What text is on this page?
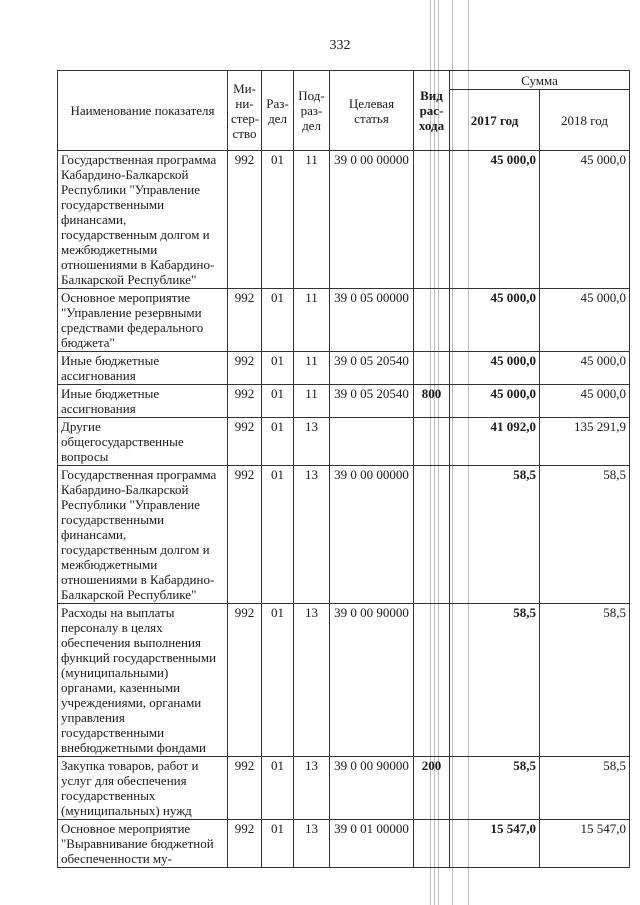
332
Наименование показателя	Ми-ни-стер-ство	Раз-дел	Под-раз-дел	Целевая статья	Вид рас-хода	Сумма	
						2017 год	2018 год
Государственная программа Кабардино-Балкарской Республики "Управление государственными финансами, государственным долгом и межбюджетными отношениями в Кабардино-Балкарской Республике"	992	01	11	39 0 00 00000		45 000,0	45 000,0
Основное мероприятие "Управление резервными средствами федерального бюджета"	992	01	11	39 0 05 00000		45 000,0	45 000,0
Иные бюджетные ассигнования	992	01	11	39 0 05 20540		45 000,0	45 000,0
Иные бюджетные ассигнования	992	01	11	39 0 05 20540	800	45 000,0	45 000,0
Другие общегосударственные вопросы	992	01	13			41 092,0	135 291,9
Государственная программа Кабардино-Балкарской Республики "Управление государственными финансами, государственным долгом и межбюджетными отношениями в Кабардино-Балкарской Республике"	992	01	13	39 0 00 00000		58,5	58,5
Расходы на выплаты персоналу в целях обеспечения выполнения функций государственными (муниципальными) органами, казенными учреждениями, органами управления государственными внебюджетными фондами	992	01	13	39 0 00 90000		58,5	58,5
Закупка товаров, работ и услуг для обеспечения государственных (муниципальных) нужд	992	01	13	39 0 00 90000	200	58,5	58,5
Основное мероприятие "Выравнивание бюджетной обеспеченности му-	992	01	13	39 0 01 00000		15 547,0	15 547,0
